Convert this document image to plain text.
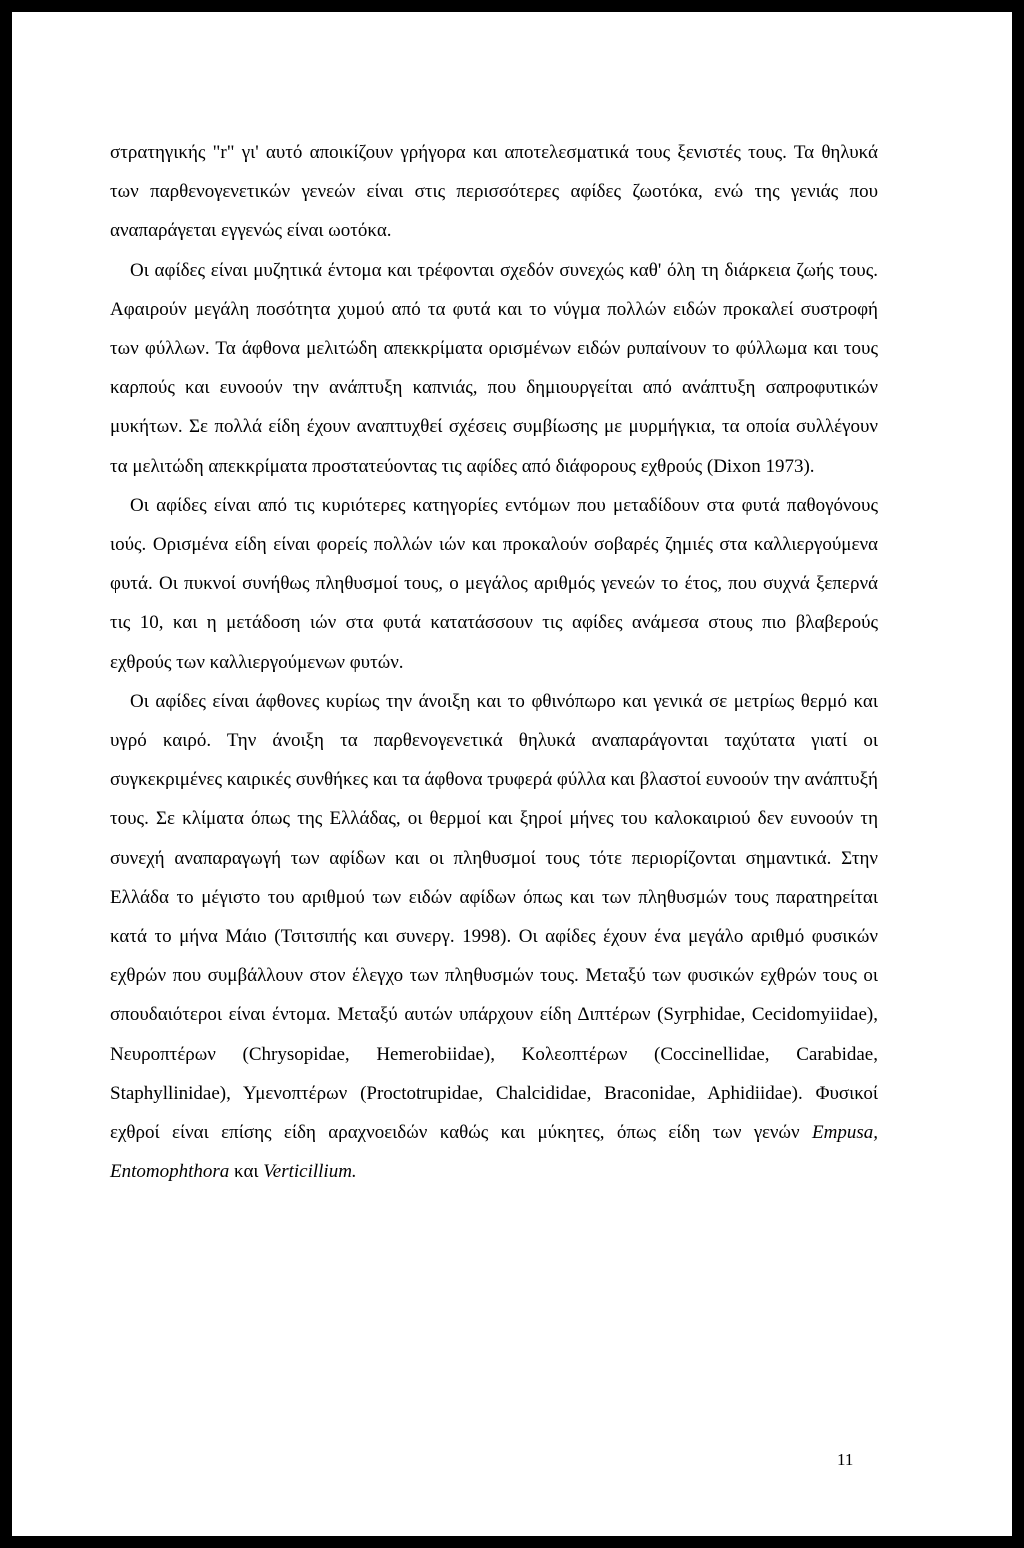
στρατηγικής "r" γι' αυτό αποικίζουν γρήγορα και αποτελεσματικά τους ξενιστές τους. Τα θηλυκά των παρθενογενετικών γενεών είναι στις περισσότερες αφίδες ζωοτόκα, ενώ της γενιάς που αναπαράγεται εγγενώς είναι ωοτόκα.

Οι αφίδες είναι μυζητικά έντομα και τρέφονται σχεδόν συνεχώς καθ' όλη τη διάρκεια ζωής τους. Αφαιρούν μεγάλη ποσότητα χυμού από τα φυτά και το νύγμα πολλών ειδών προκαλεί συστροφή των φύλλων. Τα άφθονα μελιτώδη απεκκρίματα ορισμένων ειδών ρυπαίνουν το φύλλωμα και τους καρπούς και ευνοούν την ανάπτυξη καπνιάς, που δημιουργείται από ανάπτυξη σαπροφυτικών μυκήτων. Σε πολλά είδη έχουν αναπτυχθεί σχέσεις συμβίωσης με μυρμήγκια, τα οποία συλλέγουν τα μελιτώδη απεκκρίματα προστατεύοντας τις αφίδες από διάφορους εχθρούς (Dixon 1973).

Οι αφίδες είναι από τις κυριότερες κατηγορίες εντόμων που μεταδίδουν στα φυτά παθογόνους ιούς. Ορισμένα είδη είναι φορείς πολλών ιών και προκαλούν σοβαρές ζημιές στα καλλιεργούμενα φυτά. Οι πυκνοί συνήθως πληθυσμοί τους, ο μεγάλος αριθμός γενεών το έτος, που συχνά ξεπερνά τις 10, και η μετάδοση ιών στα φυτά κατατάσσουν τις αφίδες ανάμεσα στους πιο βλαβερούς εχθρούς των καλλιεργούμενων φυτών.

Οι αφίδες είναι άφθονες κυρίως την άνοιξη και το φθινόπωρο και γενικά σε μετρίως θερμό και υγρό καιρό. Την άνοιξη τα παρθενογενετικά θηλυκά αναπαράγονται ταχύτατα γιατί οι συγκεκριμένες καιρικές συνθήκες και τα άφθονα τρυφερά φύλλα και βλαστοί ευνοούν την ανάπτυξή τους. Σε κλίματα όπως της Ελλάδας, οι θερμοί και ξηροί μήνες του καλοκαιριού δεν ευνοούν τη συνεχή αναπαραγωγή των αφίδων και οι πληθυσμοί τους τότε περιορίζονται σημαντικά. Στην Ελλάδα το μέγιστο του αριθμού των ειδών αφίδων όπως και των πληθυσμών τους παρατηρείται κατά το μήνα Μάιο (Τσιτσιπής και συνεργ. 1998). Οι αφίδες έχουν ένα μεγάλο αριθμό φυσικών εχθρών που συμβάλλουν στον έλεγχο των πληθυσμών τους. Μεταξύ των φυσικών εχθρών τους οι σπουδαιότεροι είναι έντομα. Μεταξύ αυτών υπάρχουν είδη Διπτέρων (Syrphidae, Cecidomyiidae), Νευροπτέρων (Chrysopidae, Hemerobiidae), Κολεοπτέρων (Coccinellidae, Carabidae, Staphyllinidae), Υμενοπτέρων (Proctotrupidae, Chalcididae, Braconidae, Aphidiidae). Φυσικοί εχθροί είναι επίσης είδη αραχνοειδών καθώς και μύκητες, όπως είδη των γενών Empusa, Entomophthora και Verticillium.

11
